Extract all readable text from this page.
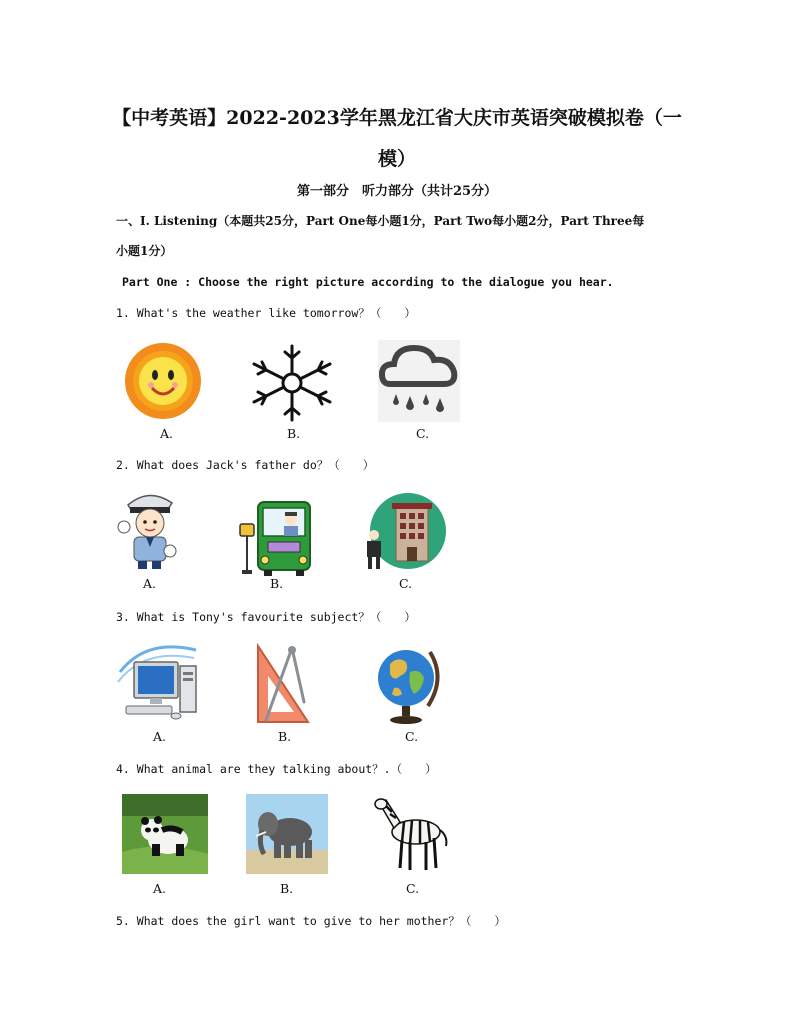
【中考英语】2022-2023学年黑龙江省大庆市英语突破模拟卷（一
模）
第一部分　听力部分（共计25分）
一、I. Listening（本题共25分，Part One每小题1分，Part Two每小题2分，Part Three每
小题1分）
Part One : Choose the right picture according to the dialogue you hear.
1. What's the weather like tomorrow？（　　）
A.	B.	C.
2. What does Jack's father do？（　　）
A.	B.	C.
3. What is Tony's favourite subject？（　　）
A.	B.	C.
4. What animal are they talking about？.（　　）
A.	B.	C.
5. What does the girl want to give to her mother？（　　）
